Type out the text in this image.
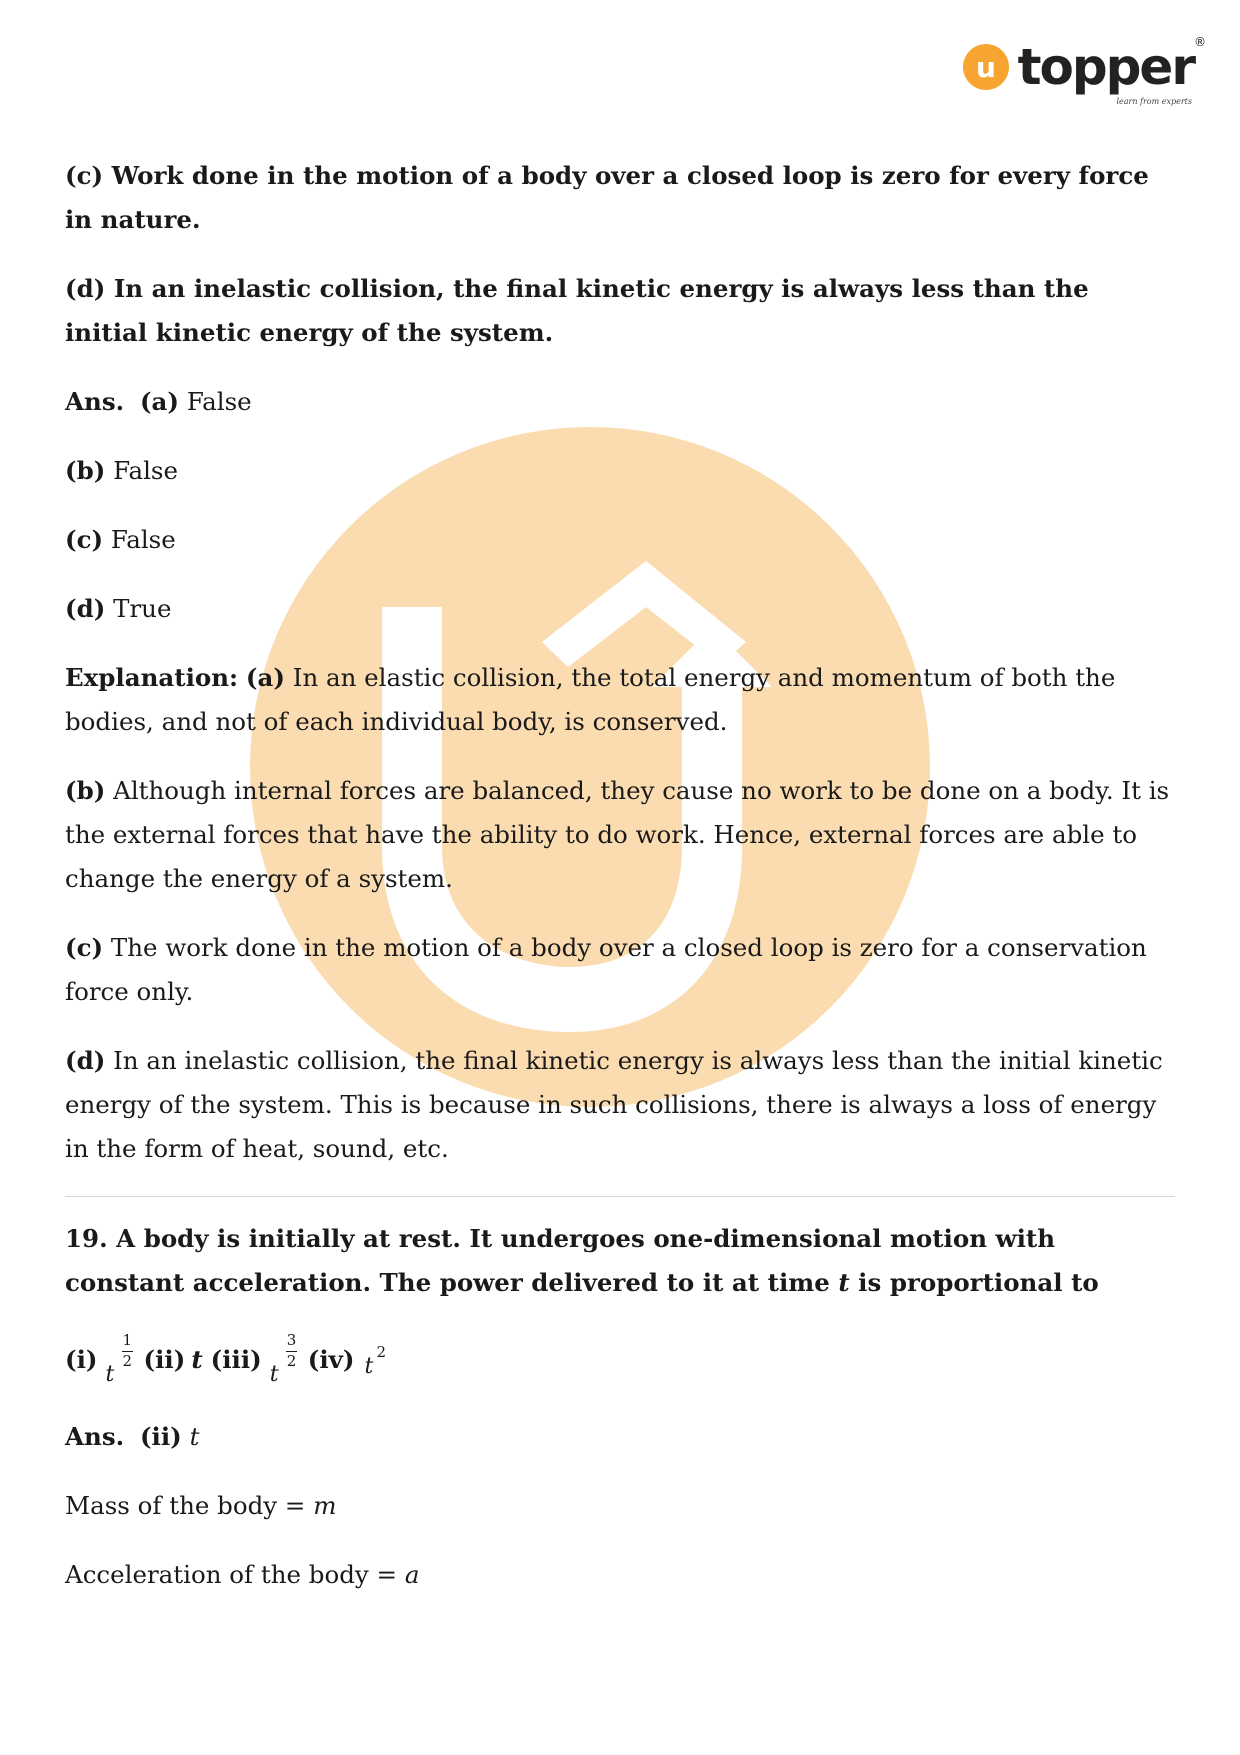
u topper ®
learn from experts

(c) Work done in the motion of a body over a closed loop is zero for every force in nature.

(d) In an inelastic collision, the final kinetic energy is always less than the initial kinetic energy of the system.

Ans. (a) False

(b) False

(c) False

(d) True

Explanation: (a) In an elastic collision, the total energy and momentum of both the bodies, and not of each individual body, is conserved.

(b) Although internal forces are balanced, they cause no work to be done on a body. It is the external forces that have the ability to do work. Hence, external forces are able to change the energy of a system.

(c) The work done in the motion of a body over a closed loop is zero for a conservation force only.

(d) In an inelastic collision, the final kinetic energy is always less than the initial kinetic energy of the system. This is because in such collisions, there is always a loss of energy in the form of heat, sound, etc.

19. A body is initially at rest. It undergoes one-dimensional motion with constant acceleration. The power delivered to it at time t is proportional to

(i)
t
1
2 (ii) t (iii)
t
3
2 (iv) t
2

Ans. (ii) t

Mass of the body = m

Acceleration of the body = a
